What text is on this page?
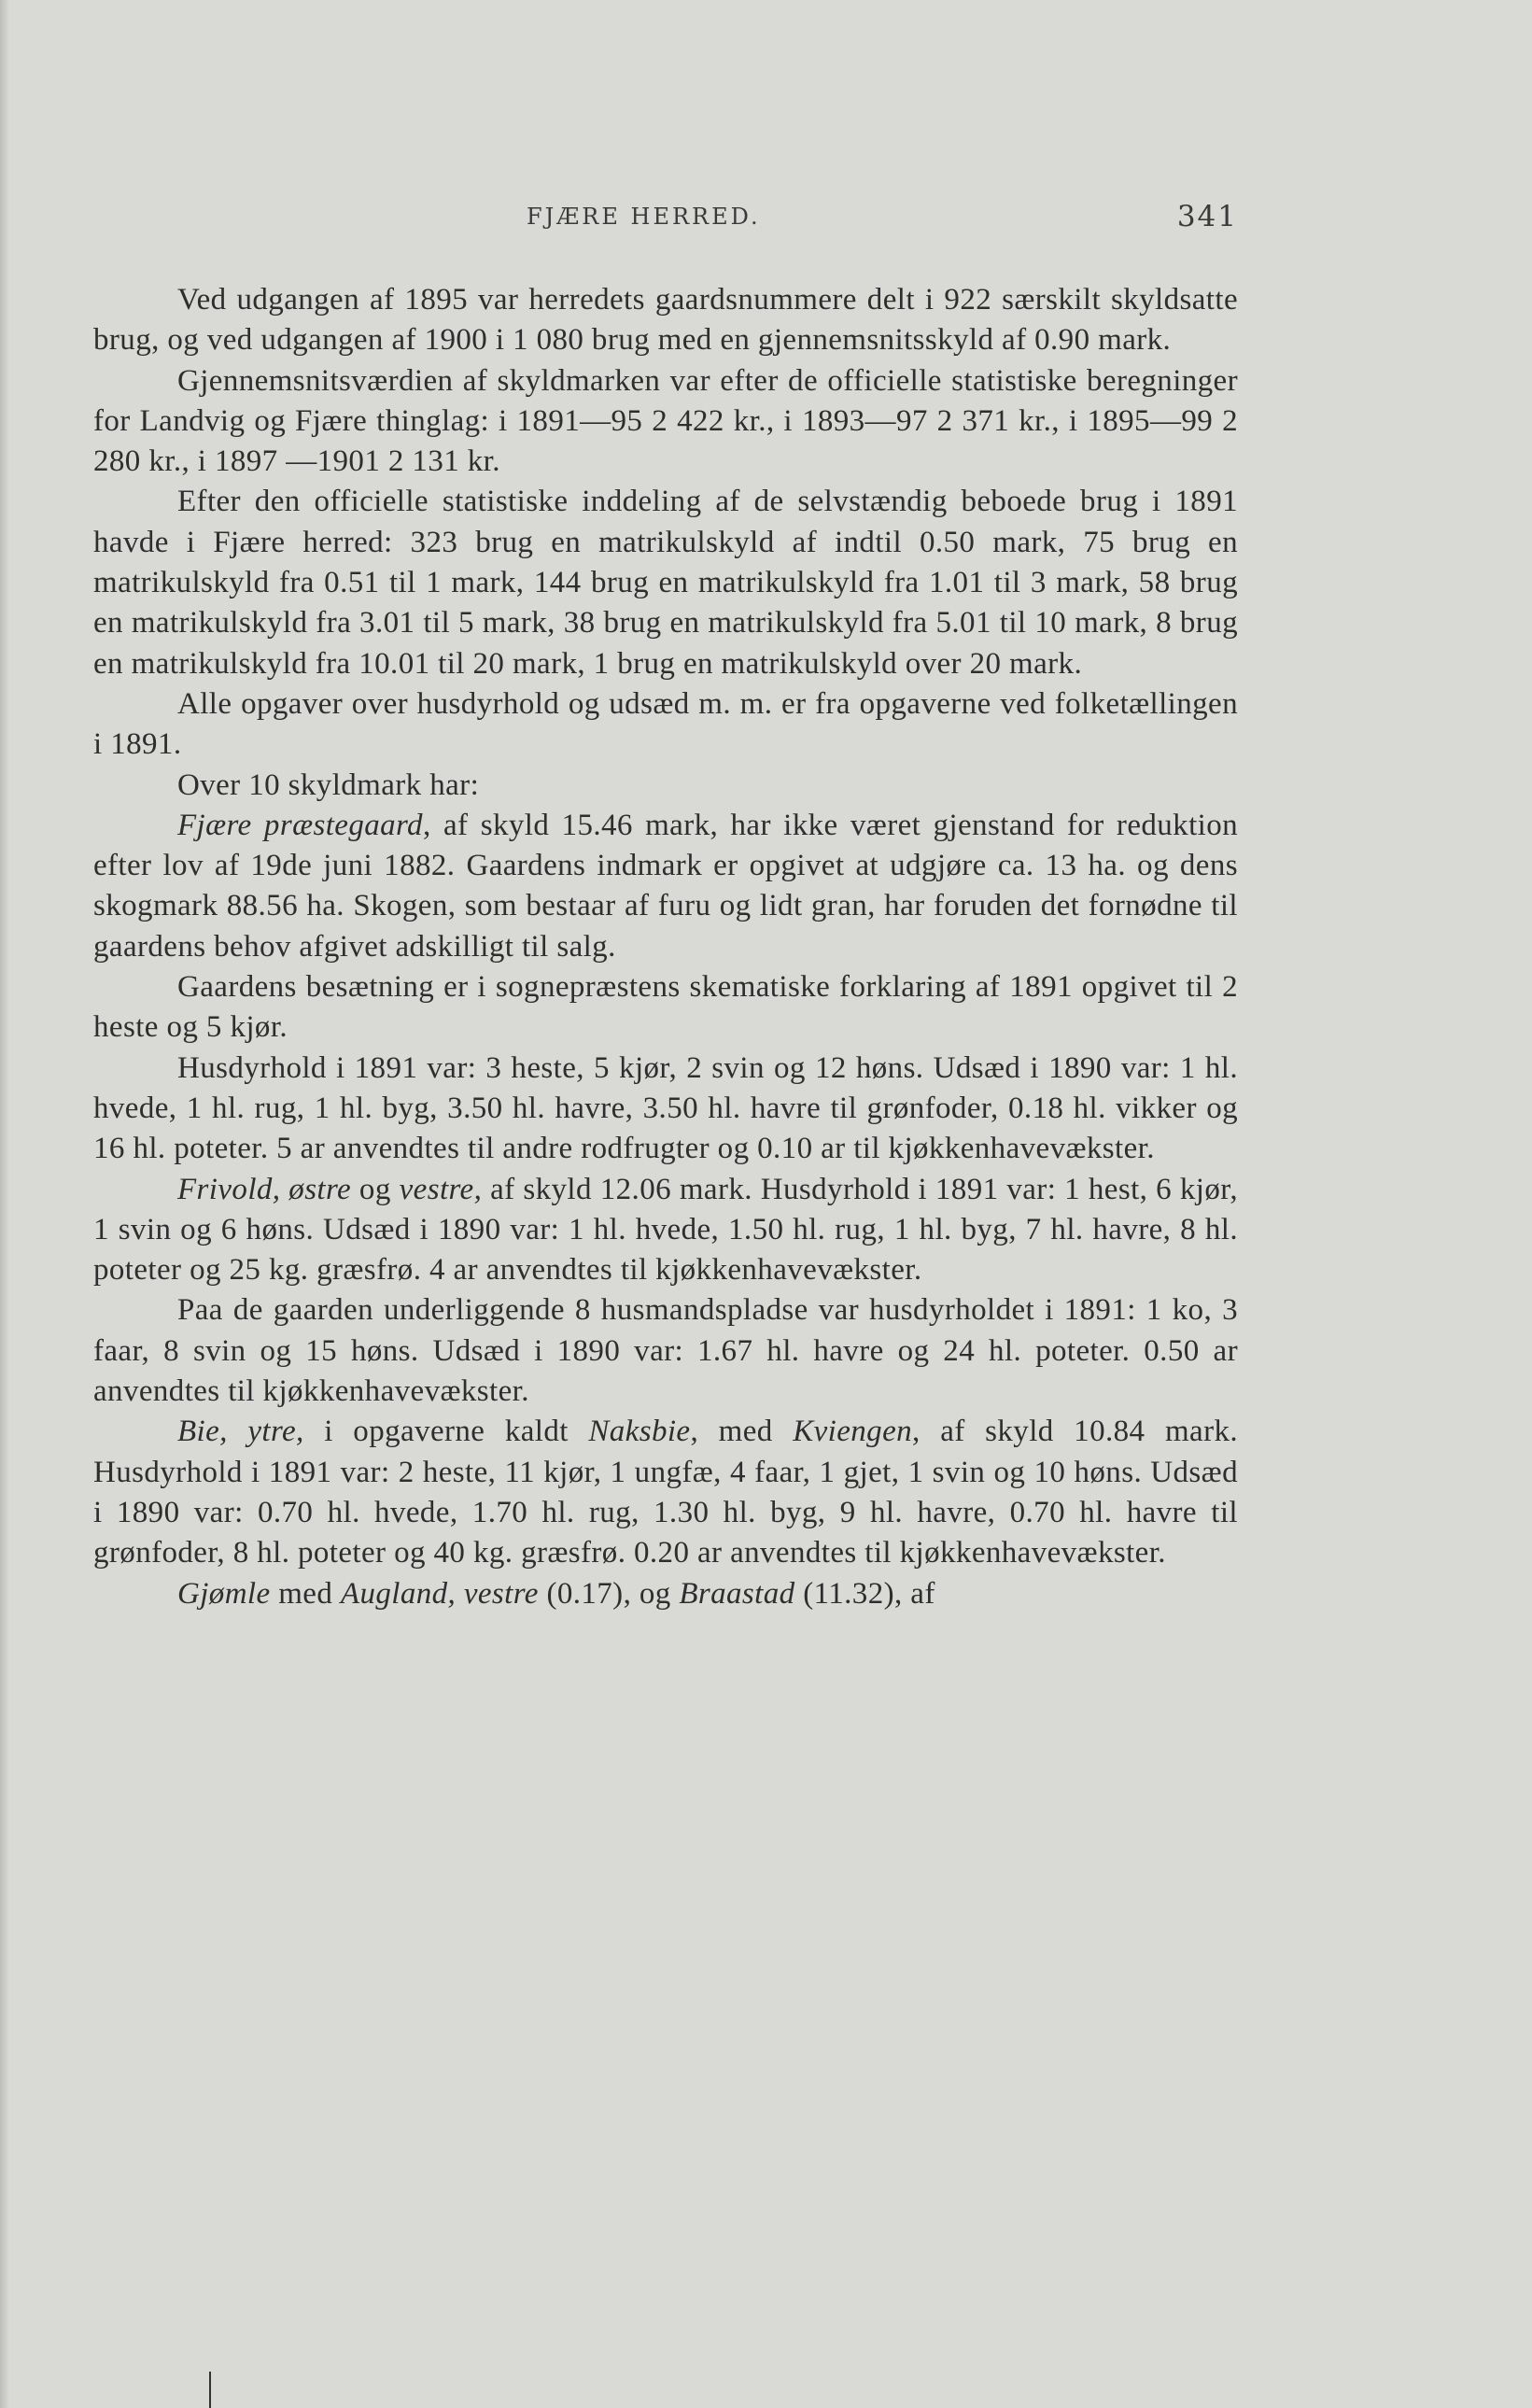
FJÆRE HERRED.	341

Ved udgangen af 1895 var herredets gaardsnummere delt i 922 særskilt skyldsatte brug, og ved udgangen af 1900 i 1 080 brug med en gjennemsnitsskyld af 0.90 mark.

Gjennemsnitsværdien af skyldmarken var efter de officielle statistiske beregninger for Landvig og Fjære thinglag: i 1891—95 2 422 kr., i 1893—97 2 371 kr., i 1895—99 2 280 kr., i 1897 —1901 2 131 kr.

Efter den officielle statistiske inddeling af de selvstændig beboede brug i 1891 havde i Fjære herred: 323 brug en matrikulskyld af indtil 0.50 mark, 75 brug en matrikulskyld fra 0.51 til 1 mark, 144 brug en matrikulskyld fra 1.01 til 3 mark, 58 brug en matrikulskyld fra 3.01 til 5 mark, 38 brug en matrikulskyld fra 5.01 til 10 mark, 8 brug en matrikulskyld fra 10.01 til 20 mark, 1 brug en matrikulskyld over 20 mark.

Alle opgaver over husdyrhold og udsæd m. m. er fra opgaverne ved folketællingen i 1891.

Over 10 skyldmark har:

Fjære præstegaard, af skyld 15.46 mark, har ikke været gjenstand for reduktion efter lov af 19de juni 1882. Gaardens indmark er opgivet at udgjøre ca. 13 ha. og dens skogmark 88.56 ha. Skogen, som bestaar af furu og lidt gran, har foruden det fornødne til gaardens behov afgivet adskilligt til salg.

Gaardens besætning er i sognepræstens skematiske forklaring af 1891 opgivet til 2 heste og 5 kjør.

Husdyrhold i 1891 var: 3 heste, 5 kjør, 2 svin og 12 høns. Udsæd i 1890 var: 1 hl. hvede, 1 hl. rug, 1 hl. byg, 3.50 hl. havre, 3.50 hl. havre til grønfoder, 0.18 hl. vikker og 16 hl. poteter. 5 ar anvendtes til andre rodfrugter og 0.10 ar til kjøkkenhavevækster.

Frivold, østre og vestre, af skyld 12.06 mark. Husdyrhold i 1891 var: 1 hest, 6 kjør, 1 svin og 6 høns. Udsæd i 1890 var: 1 hl. hvede, 1.50 hl. rug, 1 hl. byg, 7 hl. havre, 8 hl. poteter og 25 kg. græsfrø. 4 ar anvendtes til kjøkkenhavevækster.

Paa de gaarden underliggende 8 husmandspladse var husdyrholdet i 1891: 1 ko, 3 faar, 8 svin og 15 høns. Udsæd i 1890 var: 1.67 hl. havre og 24 hl. poteter. 0.50 ar anvendtes til kjøkkenhavevækster.

Bie, ytre, i opgaverne kaldt Naksbie, med Kviengen, af skyld 10.84 mark. Husdyrhold i 1891 var: 2 heste, 11 kjør, 1 ungfæ, 4 faar, 1 gjet, 1 svin og 10 høns. Udsæd i 1890 var: 0.70 hl. hvede, 1.70 hl. rug, 1.30 hl. byg, 9 hl. havre, 0.70 hl. havre til grønfoder, 8 hl. poteter og 40 kg. græsfrø. 0.20 ar anvendtes til kjøkkenhavevækster.

Gjømle med Augland, vestre (0.17), og Braastad (11.32), af
